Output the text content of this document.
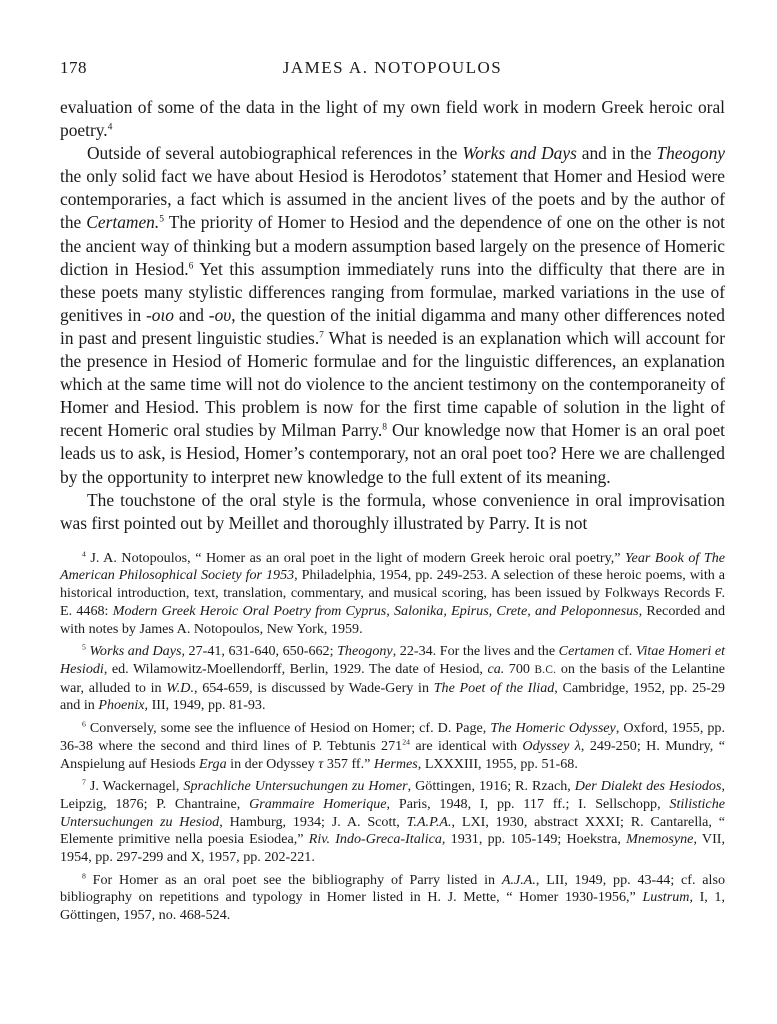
178	JAMES A. NOTOPOULOS

evaluation of some of the data in the light of my own field work in modern Greek heroic oral poetry.$^4$

Outside of several autobiographical references in the Works and Days and in the Theogony the only solid fact we have about Hesiod is Herodotos’ statement that Homer and Hesiod were contemporaries, a fact which is assumed in the ancient lives of the poets and by the author of the Certamen.$^5$ The priority of Homer to Hesiod and the dependence of one on the other is not the ancient way of thinking but a modern assumption based largely on the presence of Homeric diction in Hesiod.$^6$ Yet this assumption immediately runs into the difficulty that there are in these poets many stylistic differences ranging from formulae, marked variations in the use of genitives in -οιο and -ου, the question of the initial digamma and many other differences noted in past and present linguistic studies.$^7$ What is needed is an explanation which will account for the presence in Hesiod of Homeric formulae and for the linguistic differences, an explanation which at the same time will not do violence to the ancient testimony on the contemporaneity of Homer and Hesiod. This problem is now for the first time capable of solution in the light of recent Homeric oral studies by Milman Parry.$^8$ Our knowledge now that Homer is an oral poet leads us to ask, is Hesiod, Homer’s contemporary, not an oral poet too? Here we are challenged by the opportunity to interpret new knowledge to the full extent of its meaning.

The touchstone of the oral style is the formula, whose convenience in oral improvisation was first pointed out by Meillet and thoroughly illustrated by Parry. It is not

$^4$ J. A. Notopoulos, “ Homer as an oral poet in the light of modern Greek heroic oral poetry,” Year Book of The American Philosophical Society for 1953, Philadelphia, 1954, pp. 249-253. A selection of these heroic poems, with a historical introduction, text, translation, commentary, and musical scoring, has been issued by Folkways Records F. E. 4468: Modern Greek Heroic Oral Poetry from Cyprus, Salonika, Epirus, Crete, and Peloponnesus, Recorded and with notes by James A. Notopoulos, New York, 1959.

$^5$ Works and Days, 27-41, 631-640, 650-662; Theogony, 22-34. For the lives and the Certamen cf. Vitae Homeri et Hesiodi, ed. Wilamowitz-Moellendorff, Berlin, 1929. The date of Hesiod, ca. 700 B.C. on the basis of the Lelantine war, alluded to in W.D., 654-659, is discussed by Wade-Gery in The Poet of the Iliad, Cambridge, 1952, pp. 25-29 and in Phoenix, III, 1949, pp. 81-93.

$^6$ Conversely, some see the influence of Hesiod on Homer; cf. D. Page, The Homeric Odyssey, Oxford, 1955, pp. 36-38 where the second and third lines of P. Tebtunis $271^{24}$ are identical with Odyssey λ, 249-250; H. Mundry, “ Anspielung auf Hesiods Erga in der Odyssey τ 357 ff.” Hermes, LXXXIII, 1955, pp. 51-68.

$^7$ J. Wackernagel, Sprachliche Untersuchungen zu Homer, Göttingen, 1916; R. Rzach, Der Dialekt des Hesiodos, Leipzig, 1876; P. Chantraine, Grammaire Homerique, Paris, 1948, I, pp. 117 ff.; I. Sellschopp, Stilistiche Untersuchungen zu Hesiod, Hamburg, 1934; J. A. Scott, T.A.P.A., LXI, 1930, abstract XXXI; R. Cantarella, “ Elemente primitive nella poesia Esiodea,” Riv. Indo-Greca-Italica, 1931, pp. 105-149; Hoekstra, Mnemosyne, VII, 1954, pp. 297-299 and X, 1957, pp. 202-221.

$^8$ For Homer as an oral poet see the bibliography of Parry listed in A.J.A., LII, 1949, pp. 43-44; cf. also bibliography on repetitions and typology in Homer listed in H. J. Mette, “ Homer 1930-1956,” Lustrum, I, 1, Göttingen, 1957, no. 468-524.
